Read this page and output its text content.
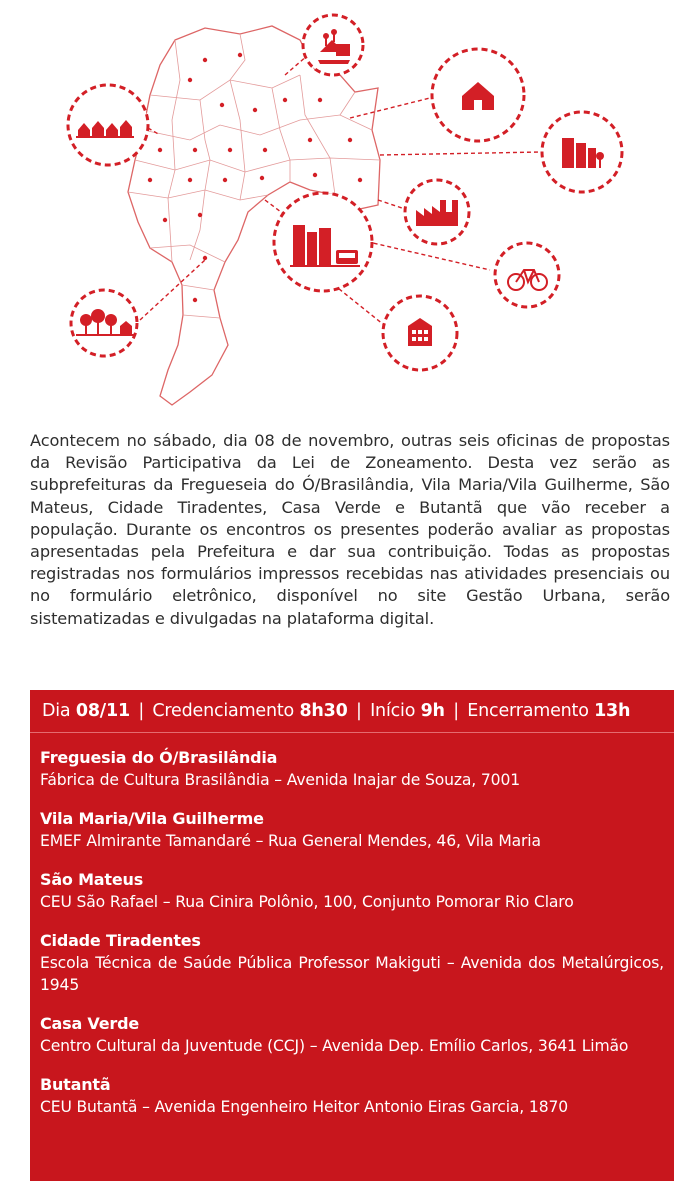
Acontecem no sábado, dia 08 de novembro, outras seis oficinas de propostas da Revisão Participativa da Lei de Zoneamento. Desta vez serão as subprefeituras da Fregueseia do Ó/Brasilândia, Vila Maria/Vila Guilherme, São Mateus, Cidade Tiradentes, Casa Verde e Butantã que vão receber a população. Durante os encontros os presentes poderão avaliar as propostas apresentadas pela Prefeitura e dar sua contribuição. Todas as propostas registradas nos formulários impressos recebidas nas atividades presenciais ou no formulário eletrônico, disponível no site Gestão Urbana, serão sistematizadas e divulgadas na plataforma digital.

Dia 08/11 | Credenciamento 8h30 | Início 9h | Encerramento 13h
Freguesia do Ó/Brasilândia
Fábrica de Cultura Brasilândia – Avenida Inajar de Souza, 7001
Vila Maria/Vila Guilherme
EMEF Almirante Tamandaré – Rua General Mendes, 46, Vila Maria
São Mateus
CEU São Rafael – Rua Cinira Polônio, 100, Conjunto Pomorar Rio Claro
Cidade Tiradentes
Escola Técnica de Saúde Pública Professor Makiguti – Avenida dos Metalúrgicos, 1945
Casa Verde
Centro Cultural da Juventude (CCJ) – Avenida Dep. Emílio Carlos, 3641 Limão
Butantã
CEU Butantã – Avenida Engenheiro Heitor Antonio Eiras Garcia, 1870
